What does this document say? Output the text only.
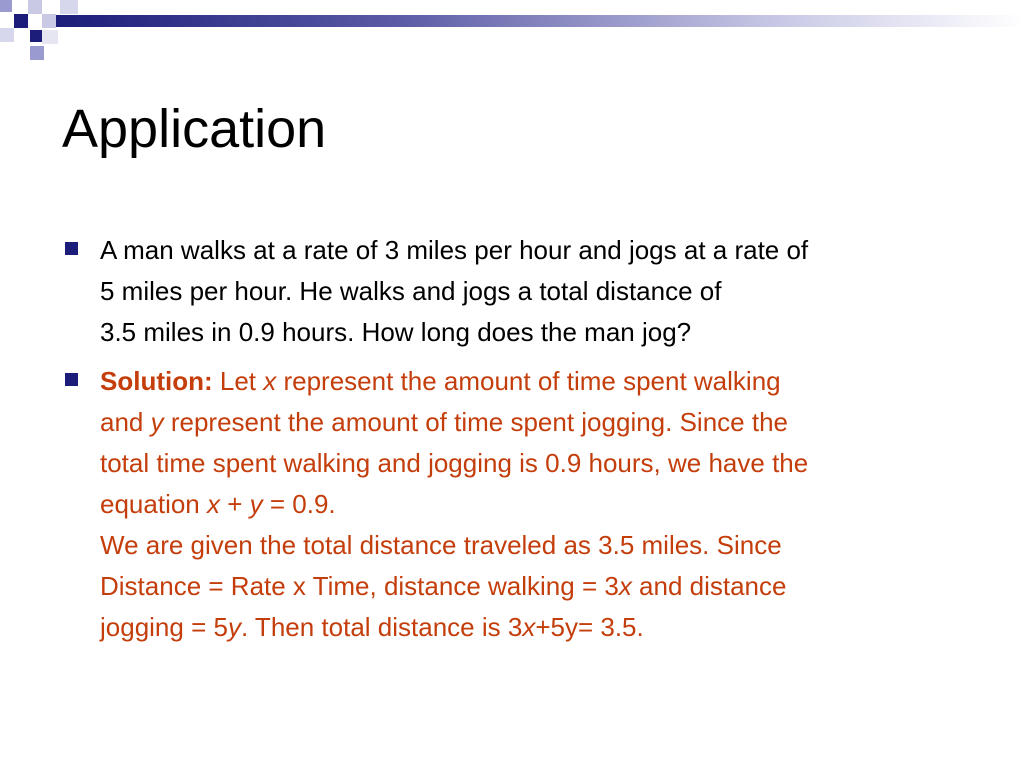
Application
A man walks at a rate of 3 miles per hour and jogs at a rate of
5 miles per hour. He walks and jogs a total distance of
3.5 miles in 0.9 hours. How long does the man jog?
Solution: Let x represent the amount of time spent walking
and y represent the amount of time spent jogging. Since the
total time spent walking and jogging is 0.9 hours, we have the
equation x + y = 0.9.
We are given the total distance traveled as 3.5 miles. Since
Distance = Rate x Time, distance walking = 3x and distance
jogging = 5y. Then total distance is 3x+5y= 3.5.
